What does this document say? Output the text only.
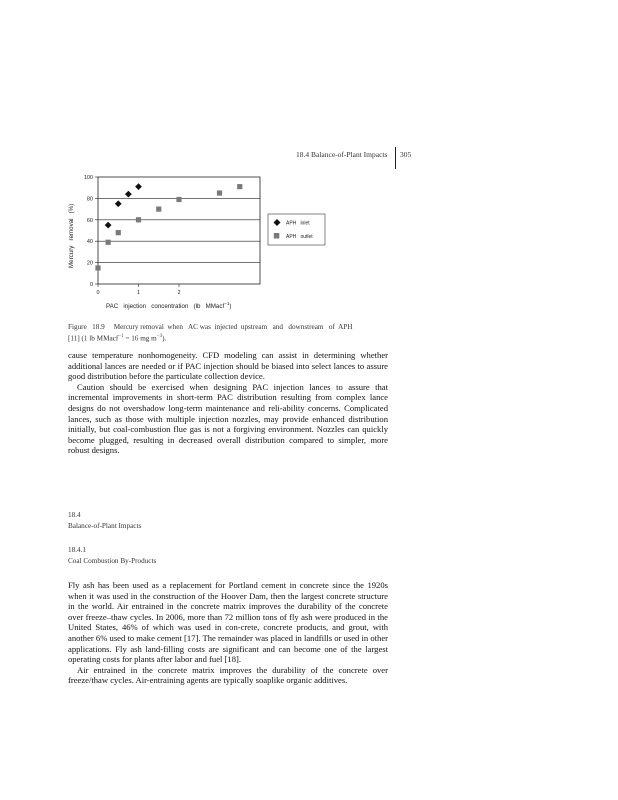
18.4 Balance-of-Plant Impacts 305
0
20
40
60
80
100
0	1	2
Mercury   removal   (%)
PAC   injection   concentration   (lb   MMacf$^{-1}$)
APH   inlet
APH   outlet
Figure   18.9     Mercury removal  when   AC was  injected  upstream   and   downstream   of  APH
[11] (1 lb MMacf$^{-1}$ = 16 mg $m^{-3}$).

cause temperature nonhomogeneity. CFD modeling can assist in determining whether additional lances are needed or if PAC injection should be biased into select lances to assure good distribution before the particulate collection device.

Caution should be exercised when designing PAC injection lances to assure that incremental improvements in short-term PAC distribution resulting from complex lance designs do not overshadow long-term maintenance and reli-ability concerns. Complicated lances, such as those with multiple injection nozzles, may provide enhanced distribution initially, but coal-combustion flue gas is not a forgiving environment. Nozzles can quickly become plugged, resulting in decreased overall distribution compared to simpler, more robust designs.

18.4
Balance-of-Plant Impacts
18.4.1
Coal Combustion By-Products

Fly ash has been used as a replacement for Portland cement in concrete since the 1920s when it was used in the construction of the Hoover Dam, then the largest concrete structure in the world. Air entrained in the concrete matrix improves the durability of the concrete over freeze–thaw cycles. In 2006, more than 72 million tons of fly ash were produced in the United States, 46% of which was used in con-crete, concrete products, and grout, with another 6% used to make cement [17]. The remainder was placed in landfills or used in other applications. Fly ash land-filling costs are significant and can become one of the largest operating costs for plants after labor and fuel [18].

Air entrained in the concrete matrix improves the durability of the concrete over freeze/thaw cycles. Air-entraining agents are typically soaplike organic additives.
